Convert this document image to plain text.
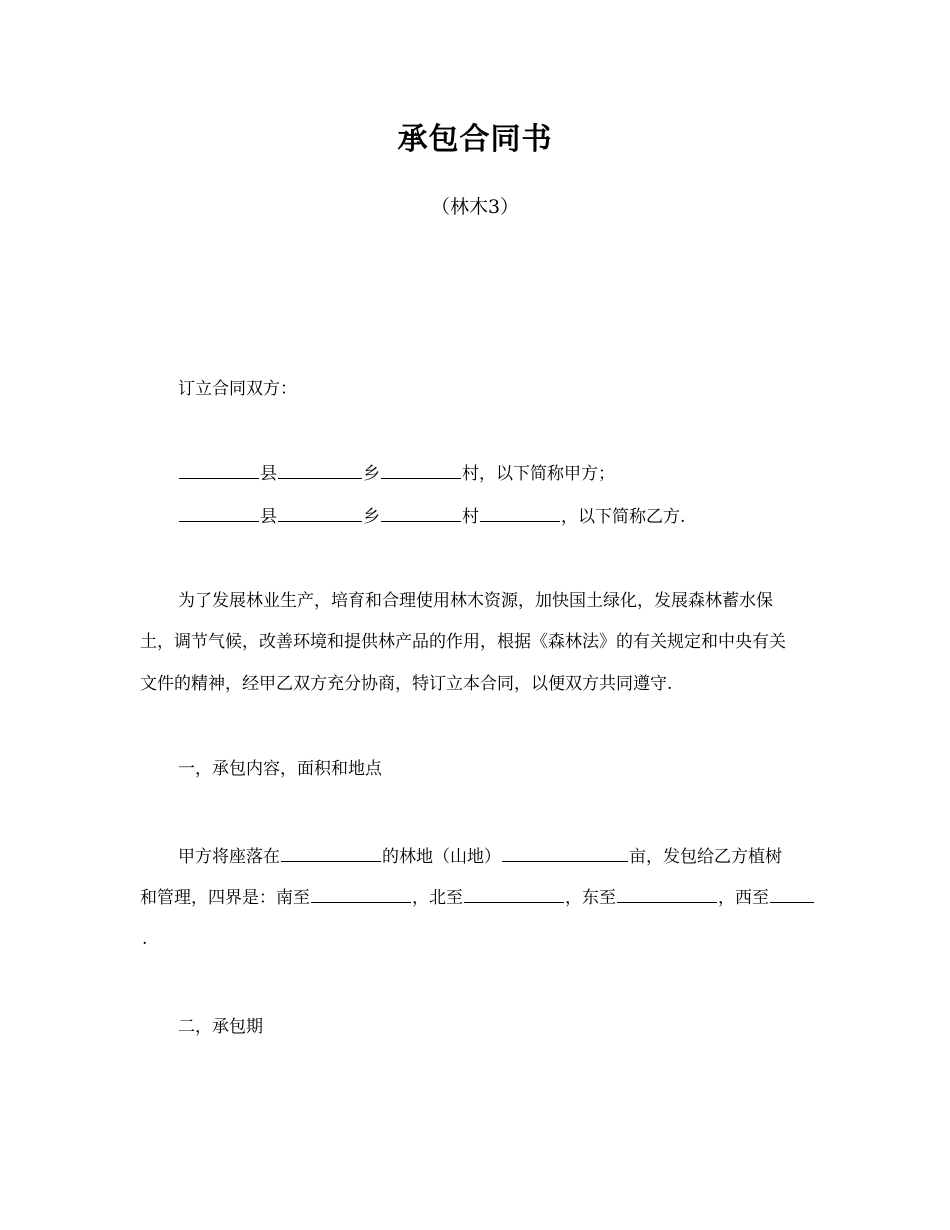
承包合同书
（林木3）
订立合同双方：
县	乡	村，以下简称甲方；
县	乡	村	，以下简称乙方.
为了发展林业生产，培育和合理使用林木资源，加快国土绿化，发展森林蓄水保
土，调节气候，改善环境和提供林产品的作用，根据《森林法》的有关规定和中央有关
文件的精神，经甲乙双方充分协商，特订立本合同，以便双方共同遵守.
一，承包内容，面积和地点
甲方将座落在	的林地（山地）	亩，发包给乙方植树
和管理，四界是：南至	，北至	，东至	，西至
.
二，承包期
